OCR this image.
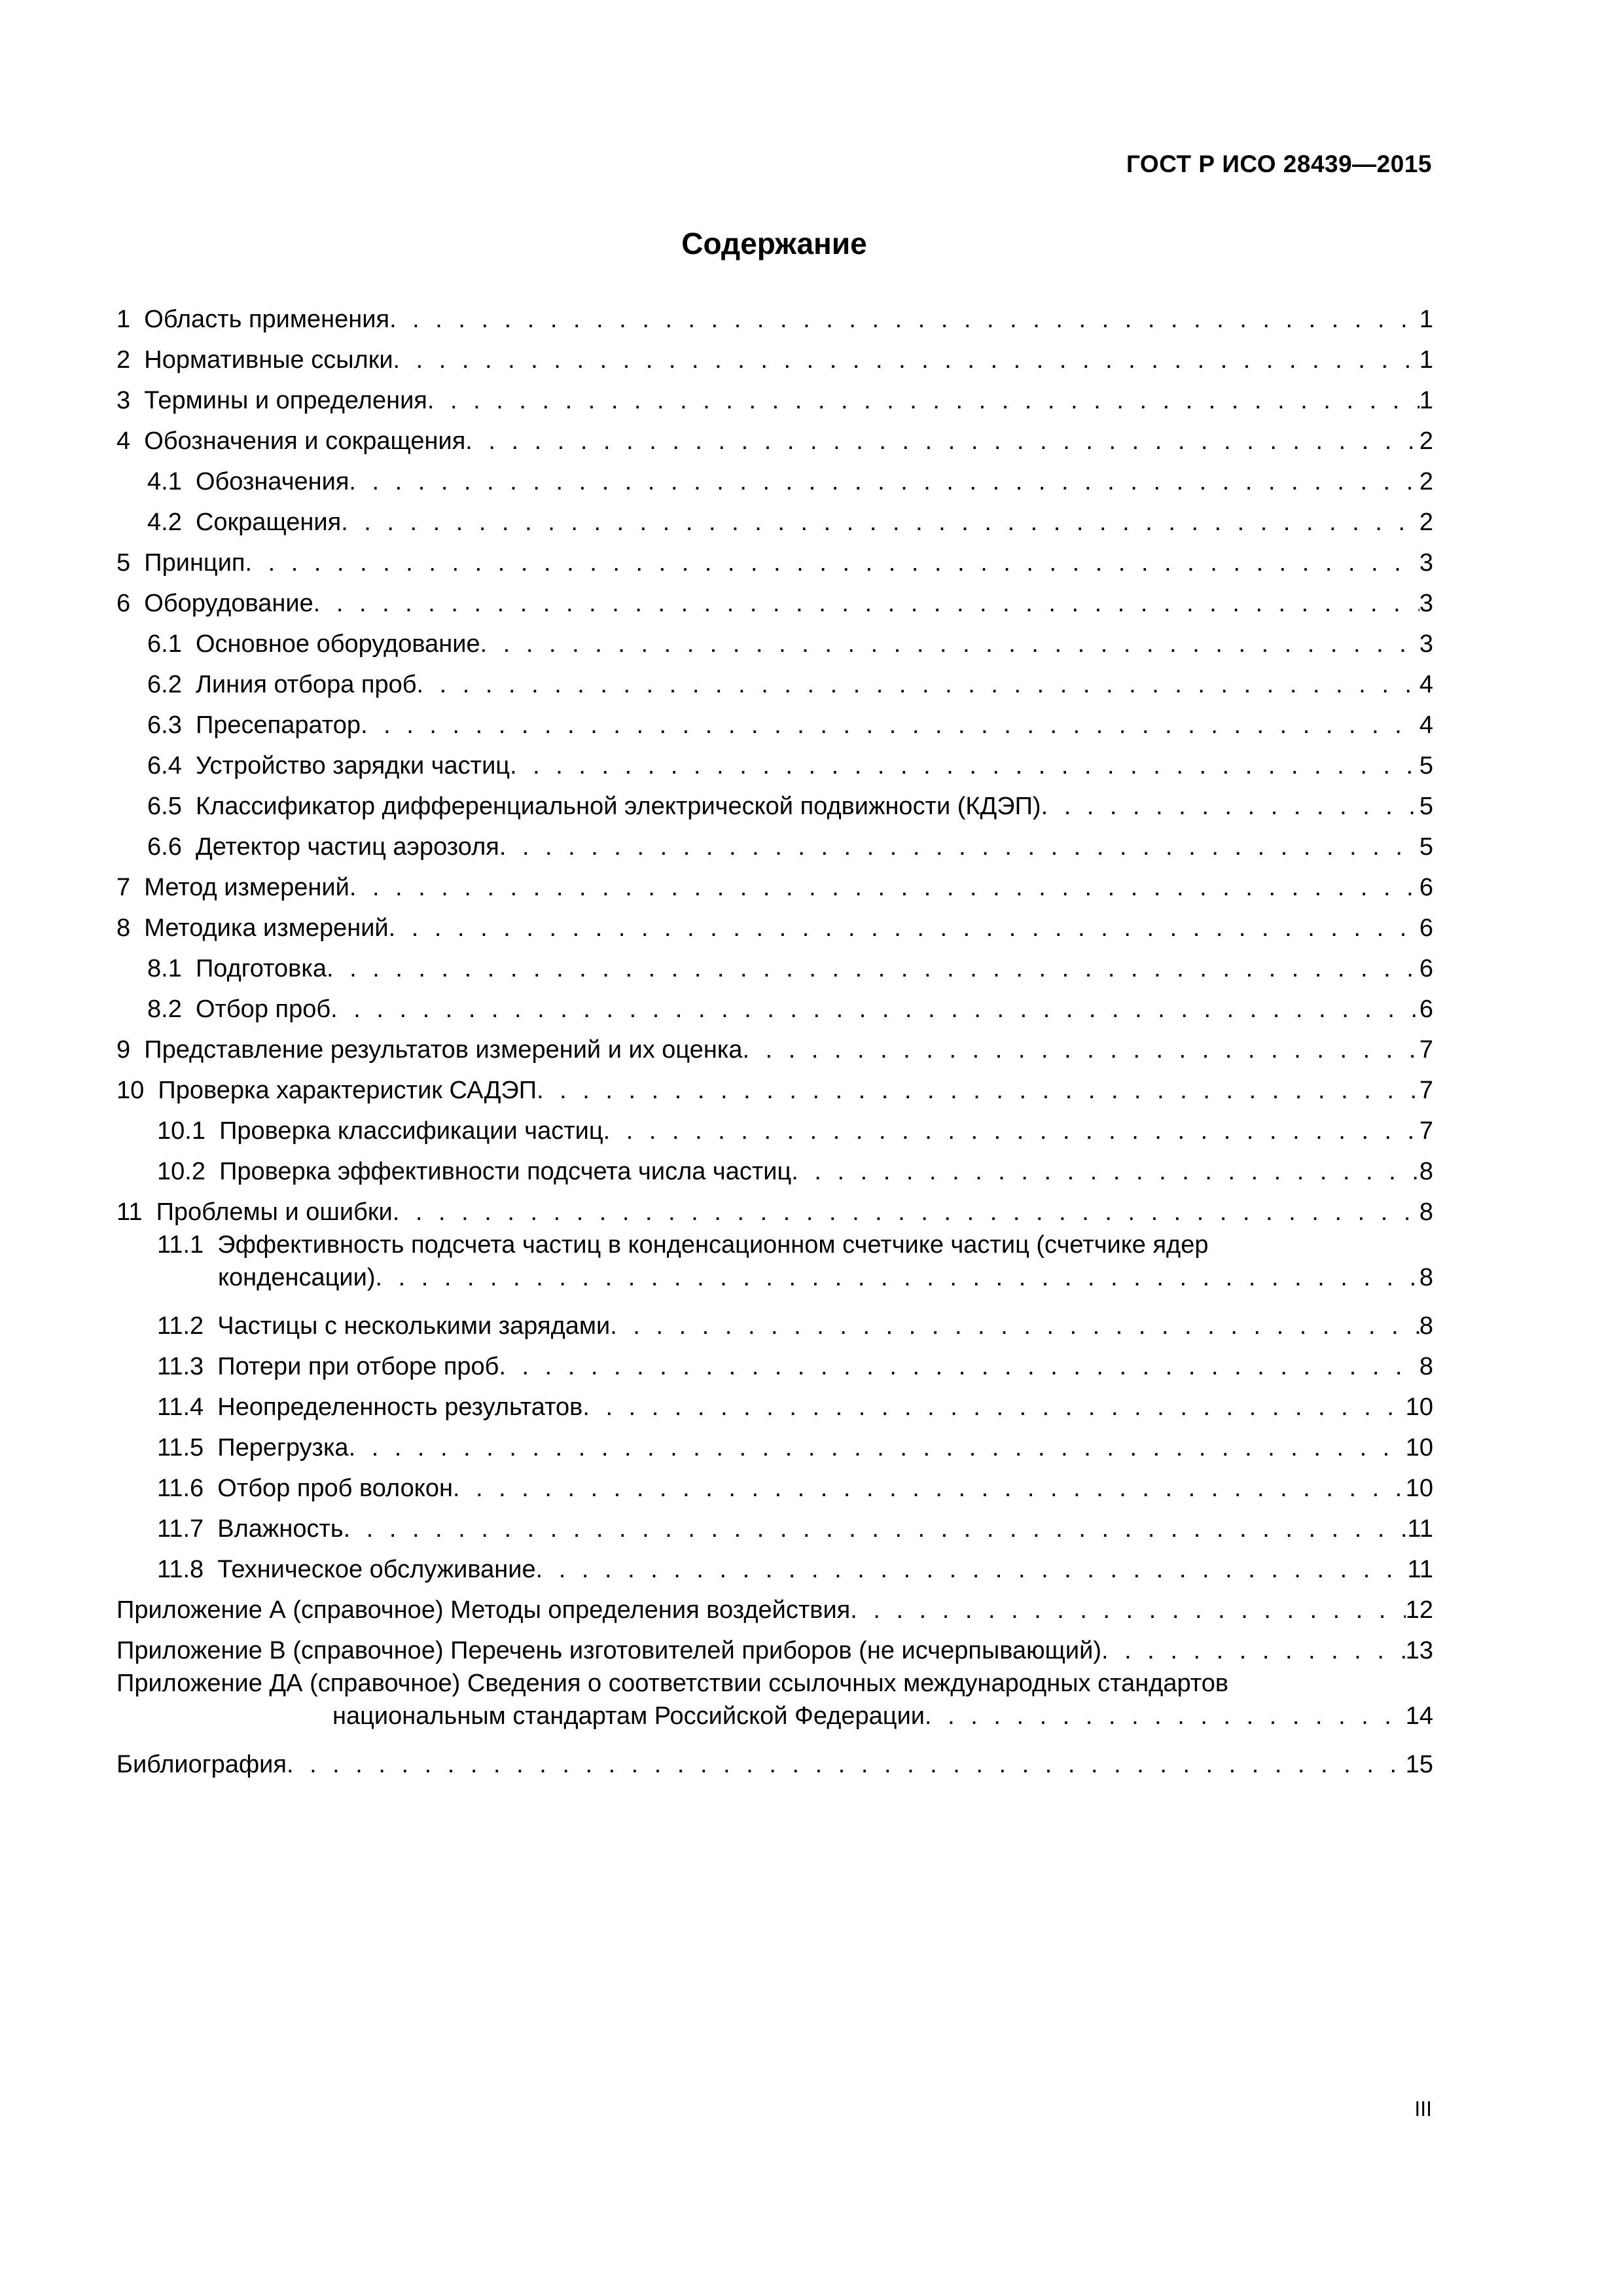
ГОСТ Р ИСО 28439—2015
Содержание
1 Область применения . . .	1
2 Нормативные ссылки . . .	1
3 Термины и определения . . .	1
4 Обозначения и сокращения . . .	2
4.1 Обозначения . . .	2
4.2 Сокращения . . .	2
5 Принцип . . .	3
6 Оборудование . . .	3
6.1 Основное оборудование . . .	3
6.2 Линия отбора проб . . .	4
6.3 Пресепаратор . . .	4
6.4 Устройство зарядки частиц . . .	5
6.5 Классификатор дифференциальной электрической подвижности (КДЭП) . . .	5
6.6 Детектор частиц аэрозоля . . .	5
7 Метод измерений . . .	6
8 Методика измерений . . .	6
8.1 Подготовка . . .	6
8.2 Отбор проб . . .	6
9 Представление результатов измерений и их оценка . . .	7
10 Проверка характеристик САДЭП . . .	7
10.1 Проверка классификации частиц . . .	7
10.2 Проверка эффективности подсчета числа частиц . . .	8
11 Проблемы и ошибки . . .	8
11.1 Эффективность подсчета частиц в конденсационном счетчике частиц (счетчике ядер
конденсации) . . .	8
11.2 Частицы с несколькими зарядами . . .	8
11.3 Потери при отборе проб . . .	8
11.4 Неопределенность результатов . . .	10
11.5 Перегрузка . . .	10
11.6 Отбор проб волокон . . .	10
11.7 Влажность . . .	11
11.8 Техническое обслуживание . . .	11
Приложение А (справочное) Методы определения воздействия . . .	12
Приложение В (справочное) Перечень изготовителей приборов (не исчерпывающий) . . .	13
Приложение ДА (справочное) Сведения о соответствии ссылочных международных стандартов
национальным стандартам Российской Федерации . . .	14
Библиография . . .	15
III
